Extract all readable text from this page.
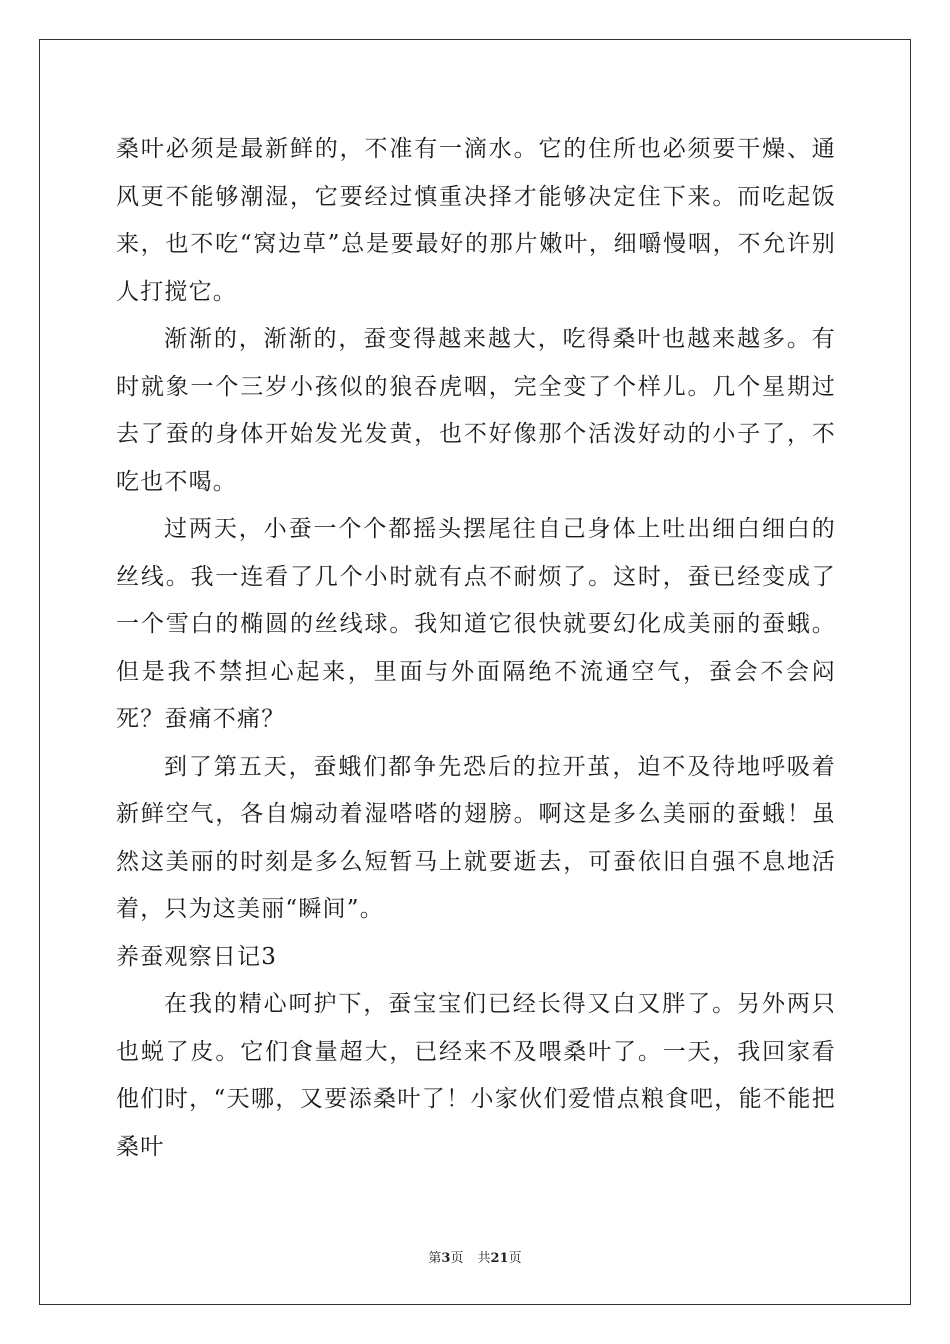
桑叶必须是最新鲜的，不准有一滴水。它的住所也必须要干燥、通风更不能够潮湿，它要经过慎重决择才能够决定住下来。而吃起饭来，也不吃“窝边草”总是要最好的那片嫩叶，细嚼慢咽，不允许别人打搅它。

渐渐的，渐渐的，蚕变得越来越大，吃得桑叶也越来越多。有时就象一个三岁小孩似的狼吞虎咽，完全变了个样儿。几个星期过去了蚕的身体开始发光发黄，也不好像那个活泼好动的小子了，不吃也不喝。

过两天，小蚕一个个都摇头摆尾往自己身体上吐出细白细白的丝线。我一连看了几个小时就有点不耐烦了。这时，蚕已经变成了一个雪白的椭圆的丝线球。我知道它很快就要幻化成美丽的蚕蛾。但是我不禁担心起来，里面与外面隔绝不流通空气，蚕会不会闷死？蚕痛不痛？

到了第五天，蚕蛾们都争先恐后的拉开茧，迫不及待地呼吸着新鲜空气，各自煽动着湿嗒嗒的翅膀。啊这是多么美丽的蚕蛾！虽然这美丽的时刻是多么短暂马上就要逝去，可蚕依旧自强不息地活着，只为这美丽“瞬间”。

养蚕观察日记3

在我的精心呵护下，蚕宝宝们已经长得又白又胖了。另外两只也蜕了皮。它们食量超大，已经来不及喂桑叶了。一天，我回家看他们时，“天哪，又要添桑叶了！小家伙们爱惜点粮食吧，能不能把桑叶

第3页 共21页
